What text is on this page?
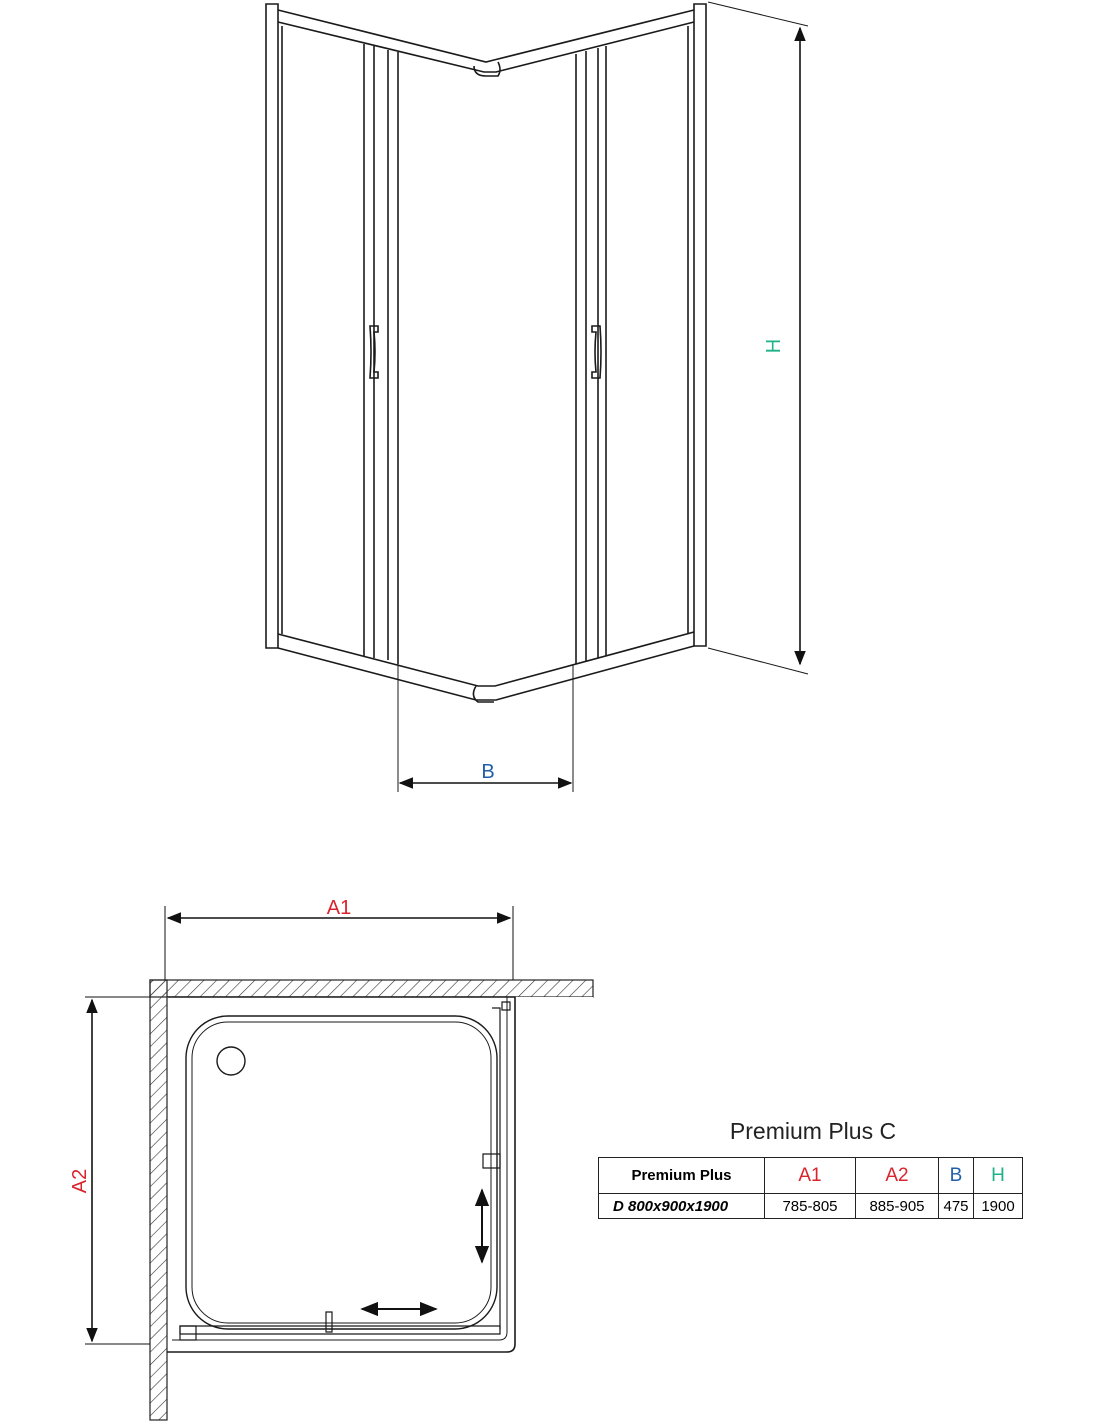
H
B
A1
A2
Premium Plus C
Premium Plus	A1	A2	B	H
D 800x900x1900	785-805	885-905	475	1900
